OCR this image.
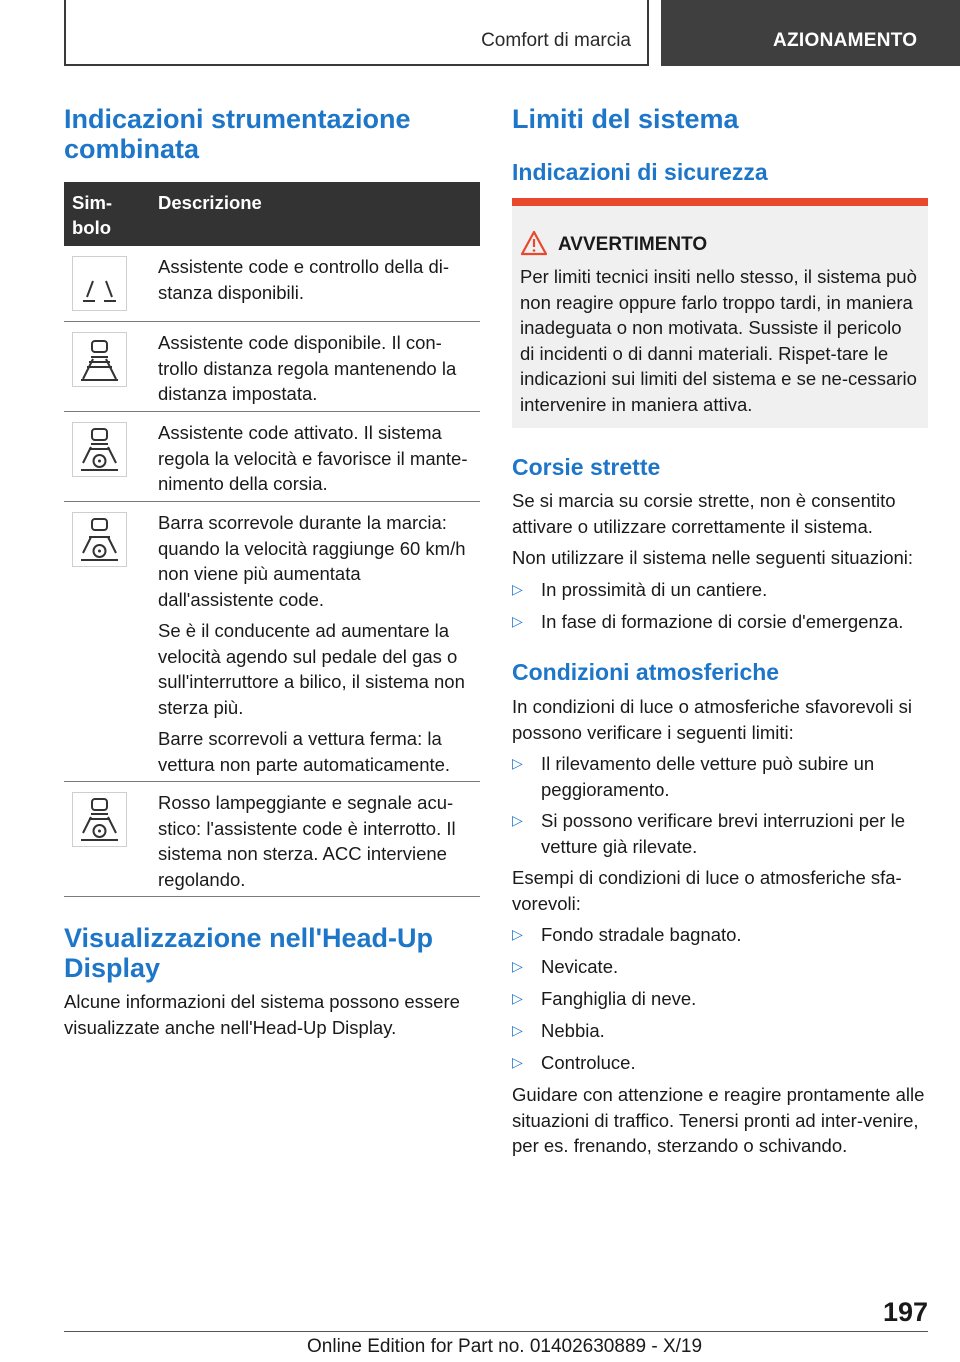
Comfort di marcia	AZIONAMENTO
Indicazioni strumentazione combinata
Sim-
bolo
Descrizione
Assistente code e controllo della di-stanza disponibili.
Assistente code disponibile. Il con-trollo distanza regola mantenendo la distanza impostata.
Assistente code attivato. Il sistema regola la velocità e favorisce il mante-nimento della corsia.
Barra scorrevole durante la marcia: quando la velocità raggiunge 60 km/h non viene più aumentata dall'assistente code.
Se è il conducente ad aumentare la velocità agendo sul pedale del gas o sull'interruttore a bilico, il sistema non sterza più.
Barre scorrevoli a vettura ferma: la vettura non parte automaticamente.
Rosso lampeggiante e segnale acu-stico: l'assistente code è interrotto. Il sistema non sterza. ACC interviene regolando.
Visualizzazione nell'Head-Up Display
Alcune informazioni del sistema possono essere visualizzate anche nell'Head-Up Display.
Limiti del sistema
Indicazioni di sicurezza
AVVERTIMENTO
Per limiti tecnici insiti nello stesso, il sistema può non reagire oppure farlo troppo tardi, in maniera inadeguata o non motivata. Sussiste il pericolo di incidenti o di danni materiali. Rispet-tare le indicazioni sui limiti del sistema e se ne-cessario intervenire in maniera attiva.
Corsie strette
Se si marcia su corsie strette, non è consentito attivare o utilizzare correttamente il sistema.
Non utilizzare il sistema nelle seguenti situazioni:
▷ In prossimità di un cantiere.
▷ In fase di formazione di corsie d'emergenza.
Condizioni atmosferiche
In condizioni di luce o atmosferiche sfavorevoli si possono verificare i seguenti limiti:
▷ Il rilevamento delle vetture può subire un peggioramento.
▷ Si possono verificare brevi interruzioni per le vetture già rilevate.
Esempi di condizioni di luce o atmosferiche sfa-vorevoli:
▷ Fondo stradale bagnato.
▷ Nevicate.
▷ Fanghiglia di neve.
▷ Nebbia.
▷ Controluce.
Guidare con attenzione e reagire prontamente alle situazioni di traffico. Tenersi pronti ad inter-venire, per es. frenando, sterzando o schivando.
197
Online Edition for Part no. 01402630889 - X/19
